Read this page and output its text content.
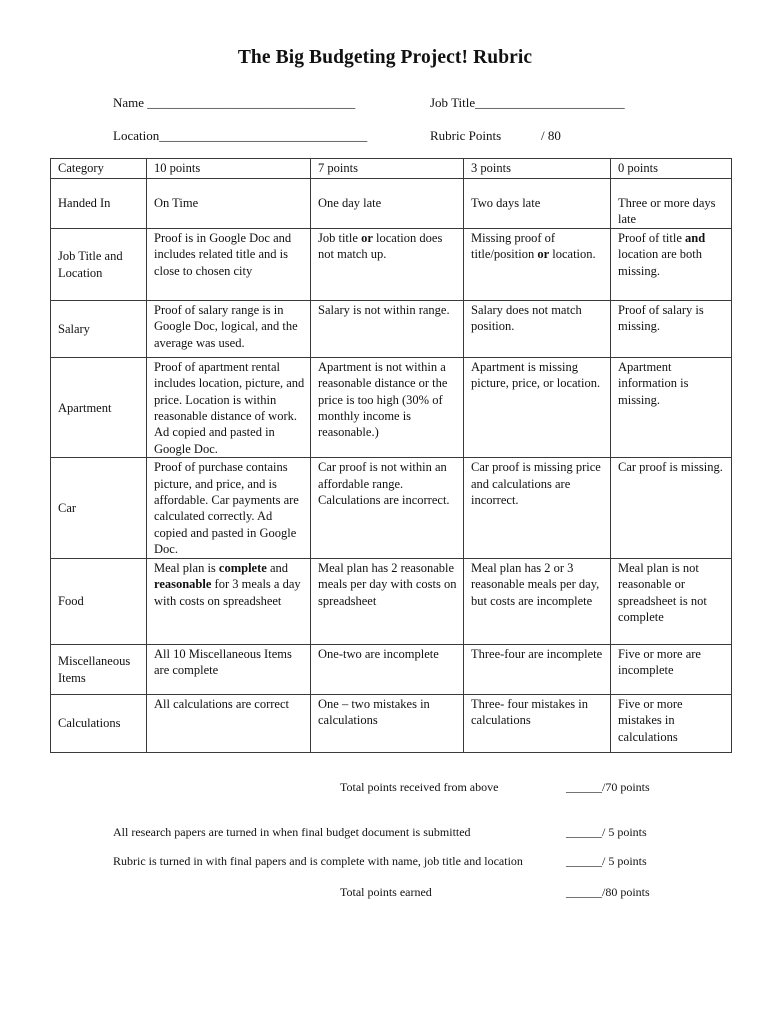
The Big Budgeting Project! Rubric
Name ________________________________	Job Title_______________________
Location________________________________	Rubric Points	/ 80
Category	10 points	7 points	3 points	0 points
Handed In	On Time	One day late	Two days late	Three or more days late
Job Title and Location	Proof is in Google Doc and includes related title and is close to chosen city	Job title or location does not match up.	Missing proof of title/position or location.	Proof of title and location are both missing.
Salary	Proof of salary range is in Google Doc, logical, and the average was used.	Salary is not within range.	Salary does not match position.	Proof of salary is missing.
Apartment	Proof of apartment rental includes location, picture, and price. Location is within reasonable distance of work. Ad copied and pasted in Google Doc.	Apartment is not within a reasonable distance or the price is too high (30% of monthly income is reasonable.)	Apartment is missing picture, price, or location.	Apartment information is missing.
Car	Proof of purchase contains picture, and price, and is affordable. Car payments are calculated correctly. Ad copied and pasted in Google Doc.	Car proof is not within an affordable range. Calculations are incorrect.	Car proof is missing price and calculations are incorrect.	Car proof is missing.
Food	Meal plan is complete and reasonable for 3 meals a day with costs on spreadsheet	Meal plan has 2 reasonable meals per day with costs on spreadsheet	Meal plan has 2 or 3 reasonable meals per day, but costs are incomplete	Meal plan is not reasonable or spreadsheet is not complete
Miscellaneous Items	All 10 Miscellaneous Items are complete	One-two are incomplete	Three-four are incomplete	Five or more are incomplete
Calculations	All calculations are correct	One – two mistakes in calculations	Three- four mistakes in calculations	Five or more mistakes in calculations
Total points received from above	______/70 points
All research papers are turned in when final budget document is submitted	______/ 5 points
Rubric is turned in with final papers and is complete with name, job title and location	______/ 5 points
Total points earned	______/80 points
